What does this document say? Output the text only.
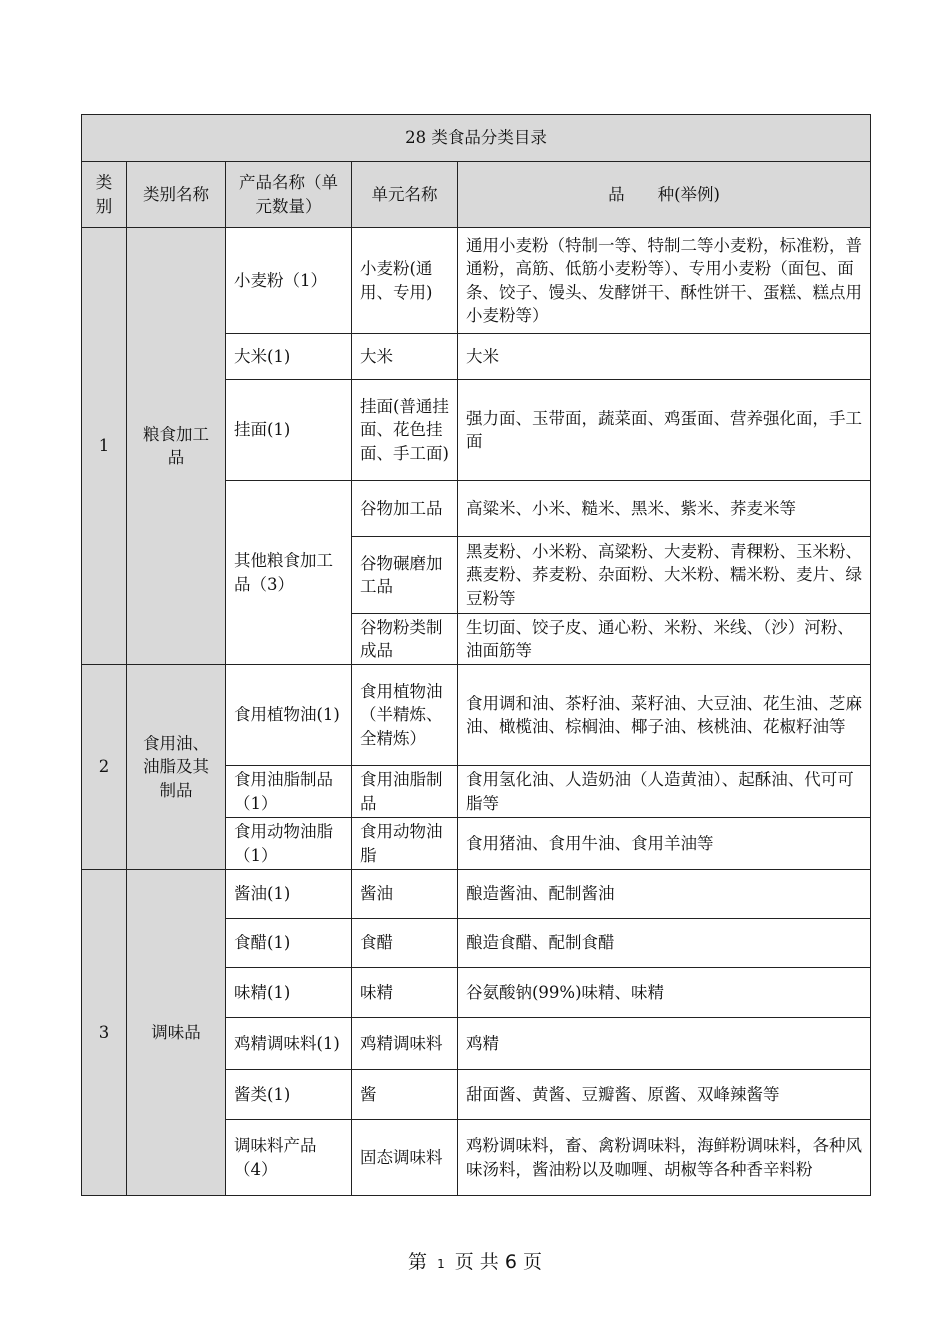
28 类食品分类目录				
类别	类别名称	产品名称（单元数量）	单元名称	品　　种(举例)
1	粮食加工品	小麦粉（1）	小麦粉(通用、专用)	通用小麦粉（特制一等、特制二等小麦粉，标准粉，普通粉，高筋、低筋小麦粉等）、专用小麦粉（面包、面条、饺子、馒头、发酵饼干、酥性饼干、蛋糕、糕点用小麦粉等）
		大米(1)	大米	大米
		挂面(1)	挂面(普通挂面、花色挂面、手工面)	强力面、玉带面，蔬菜面、鸡蛋面、营养强化面，手工面
		其他粮食加工品（3）	谷物加工品	高粱米、小米、糙米、黑米、紫米、荞麦米等
			谷物碾磨加工品	黑麦粉、小米粉、高粱粉、大麦粉、青稞粉、玉米粉、燕麦粉、荞麦粉、杂面粉、大米粉、糯米粉、麦片、绿豆粉等
			谷物粉类制成品	生切面、饺子皮、通心粉、米粉、米线、（沙）河粉、油面筋等
2	食用油、油脂及其制品	食用植物油(1)	食用植物油（半精炼、全精炼）	食用调和油、茶籽油、菜籽油、大豆油、花生油、芝麻油、橄榄油、棕榈油、椰子油、核桃油、花椒籽油等
		食用油脂制品（1）	食用油脂制品	食用氢化油、人造奶油（人造黄油）、起酥油、代可可脂等
		食用动物油脂　（1）	食用动物油脂	食用猪油、食用牛油、食用羊油等
3	调味品	酱油(1)	酱油	酿造酱油、配制酱油
		食醋(1)	食醋	酿造食醋、配制食醋
		味精(1)	味精	谷氨酸钠(99%)味精、味精
		鸡精调味料(1)	鸡精调味料	鸡精
		酱类(1)	酱	甜面酱、黄酱、豆瓣酱、原酱、双峰辣酱等
		调味料产品（4）	固态调味料	鸡粉调味料，畜、禽粉调味料，海鲜粉调味料，各种风味汤料，酱油粉以及咖喱、胡椒等各种香辛料粉
第 1 页 共 6 页
